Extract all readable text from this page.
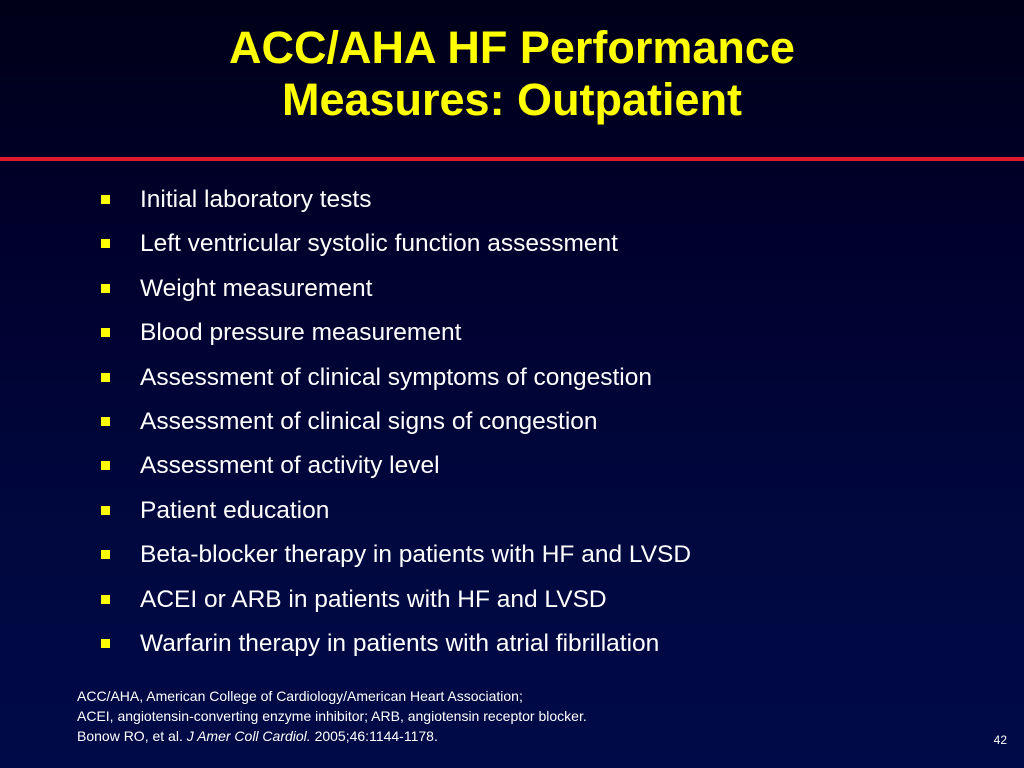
ACC/AHA HF Performance
Measures: Outpatient
Initial laboratory tests
Left ventricular systolic function assessment
Weight measurement
Blood pressure measurement
Assessment of clinical symptoms of congestion
Assessment of clinical signs of congestion
Assessment of activity level
Patient education
Beta-blocker therapy in patients with HF and LVSD
ACEI or ARB in patients with HF and LVSD
Warfarin therapy in patients with atrial fibrillation
ACC/AHA, American College of Cardiology/American Heart Association;
ACEI, angiotensin-converting enzyme inhibitor; ARB, angiotensin receptor blocker.
Bonow RO, et al. J Amer Coll Cardiol. 2005;46:1144-1178.	42
